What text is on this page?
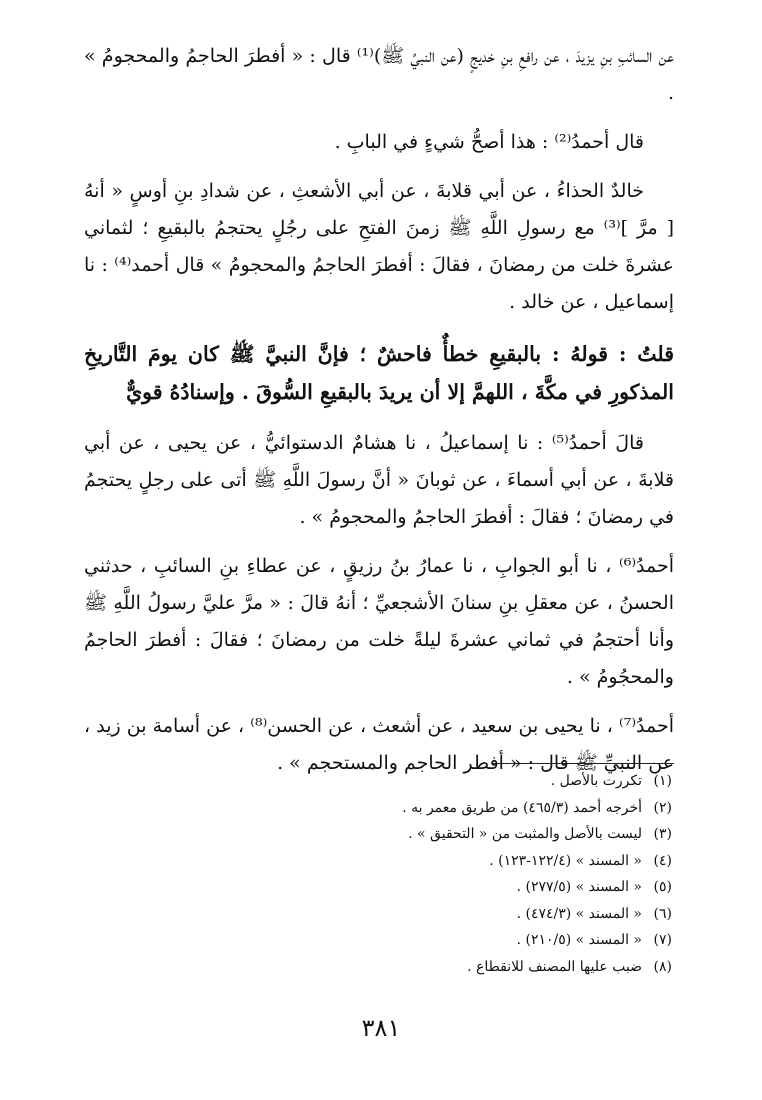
عن السائبِ بنِ يزيدَ ، عن رافعِ بنِ خديجٍ (عن النبيِّ ﷺ)⁽¹⁾ قال : « أفطرَ الحاجمُ والمحجومُ » .

قال أحمدُ⁽²⁾ : هذا أصحُّ شيءٍ في البابِ .

خالدٌ الحذاءُ ، عن أبي قلابةَ ، عن أبي الأشعثِ ، عن شدادِ بنِ أوسٍ « أنهُ [ مرَّ ]⁽³⁾ مع رسولِ اللَّهِ ﷺ زمنَ الفتحِ على رجُلٍ يحتجمُ بالبقيعِ ؛ لثماني عشرةَ خلت من رمضانَ ، فقالَ : أفطرَ الحاجمُ والمحجومُ » قال أحمد⁽⁴⁾ : نا إسماعيل ، عن خالد .

قلتُ : قولهُ : بالبقيعِ خطأٌ فاحشٌ ؛ فإنَّ النبيَّ ﷺ كان يومَ التَّاريخِ المذكورِ في مكَّةَ ، اللهمَّ إلا أن يريدَ بالبقيعِ السُّوقَ . وإسنادُهُ قويٌّ

قالَ أحمدُ⁽⁵⁾ : نا إسماعيلُ ، نا هشامٌ الدستوائيُّ ، عن يحيى ، عن أبي قلابةَ ، عن أبي أسماءَ ، عن ثوبانَ « أنَّ رسولَ اللَّهِ ﷺ أتى على رجلٍ يحتجمُ في رمضانَ ؛ فقالَ : أفطرَ الحاجمُ والمحجومُ » .

أحمدُ⁽⁶⁾ ، نا أبو الجوابِ ، نا عمارُ بنُ رزيقٍ ، عن عطاءِ بنِ السائبِ ، حدثني الحسنُ ، عن معقلِ بنِ سنانَ الأشجعيِّ ؛ أنهُ قالَ : « مرَّ عليَّ رسولُ اللَّهِ ﷺ وأنا أحتجمُ في ثماني عشرةَ ليلةً خلت من رمضانَ ؛ فقالَ : أفطرَ الحاجمُ والمحجُومُ » .

أحمدُ⁽⁷⁾ ، نا يحيى بن سعيد ، عن أشعث ، عن الحسن⁽⁸⁾ ، عن أسامة بن زيد ، عن النبيِّ ﷺ قال : « أفطر الحاجم والمستحجم » .

(١)
تكررت بالأصل .
(٢)
أخرجه أحمد (٤٦٥/٣) من طريق معمر به .
(٣)
ليست بالأصل والمثبت من « التحقيق » .
(٤)
« المسند » (١٢٢/٤-١٢٣) .
(٥)
« المسند » (٢٧٧/٥) .
(٦)
« المسند » (٤٧٤/٣) .
(٧)
« المسند » (٢١٠/٥) .
(٨)
ضبب عليها المصنف للانقطاع .
٣٨١
